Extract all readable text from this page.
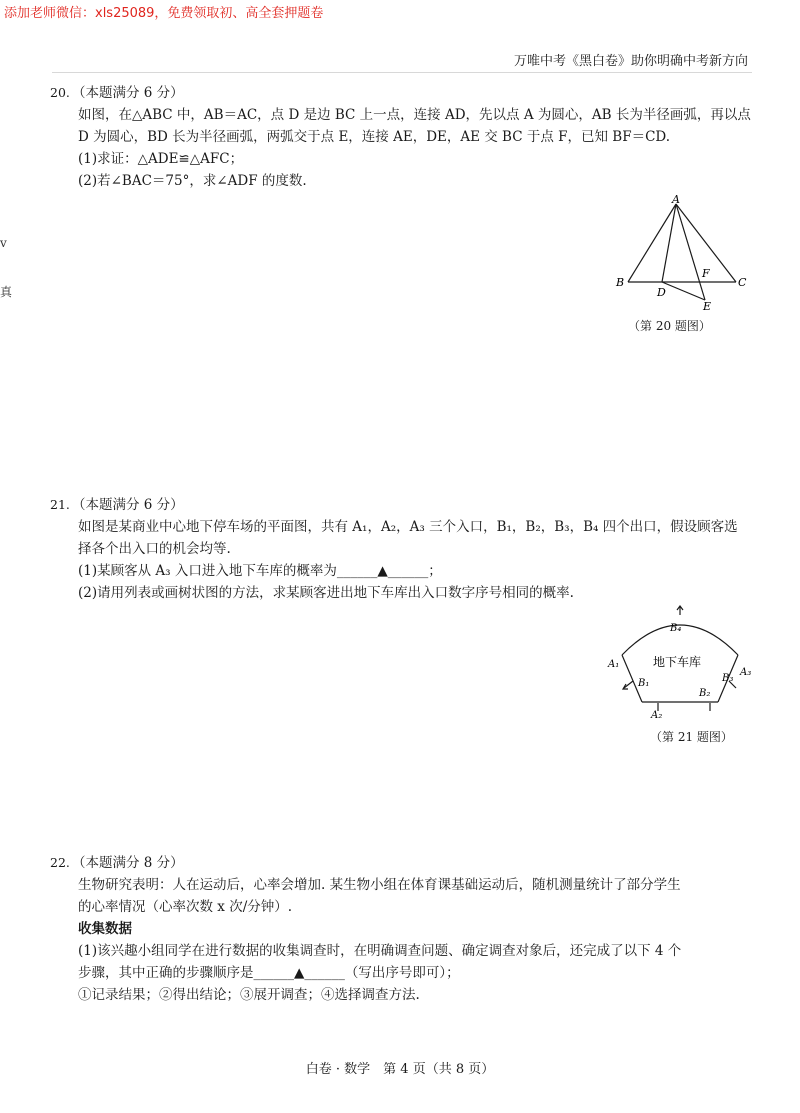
添加老师微信：xls25089，免费领取初、高全套押题卷
万唯中考《黑白卷》助你明确中考新方向
v
真
20. （本题满分 6 分）
如图，在△ABC 中，AB＝AC，点 D 是边 BC 上一点，连接 AD，先以点 A 为圆心，AB 长为半径画弧，再以点
D 为圆心，BD 长为半径画弧，两弧交于点 E，连接 AE，DE，AE 交 BC 于点 F，已知 BF＝CD.
(1)求证：△ADE≌△AFC；
(2)若∠BAC＝75°，求∠ADF 的度数.
A
B	C
D
E
F
（第 20 题图）
21. （本题满分 6 分）
如图是某商业中心地下停车场的平面图，共有 A₁，A₂，A₃ 三个入口，B₁，B₂，B₃，B₄ 四个出口，假设顾客选
择各个出入口的机会均等.
(1)某顾客从 A₃ 入口进入地下车库的概率为______▲______；
(2)请用列表或画树状图的方法，求某顾客进出地下车库出入口数字序号相同的概率.
地下车库
A₁
A₂
A₃
B₁
B₂
B₃
B₄
（第 21 题图）
22. （本题满分 8 分）
生物研究表明：人在运动后，心率会增加. 某生物小组在体育课基础运动后，随机测量统计了部分学生
的心率情况（心率次数 x 次/分钟）.
收集数据
(1)该兴趣小组同学在进行数据的收集调查时，在明确调查问题、确定调查对象后，还完成了以下 4 个
步骤，其中正确的步骤顺序是______▲______（写出序号即可）；
①记录结果；②得出结论；③展开调查；④选择调查方法.
白卷 · 数学　第 4 页（共 8 页）
